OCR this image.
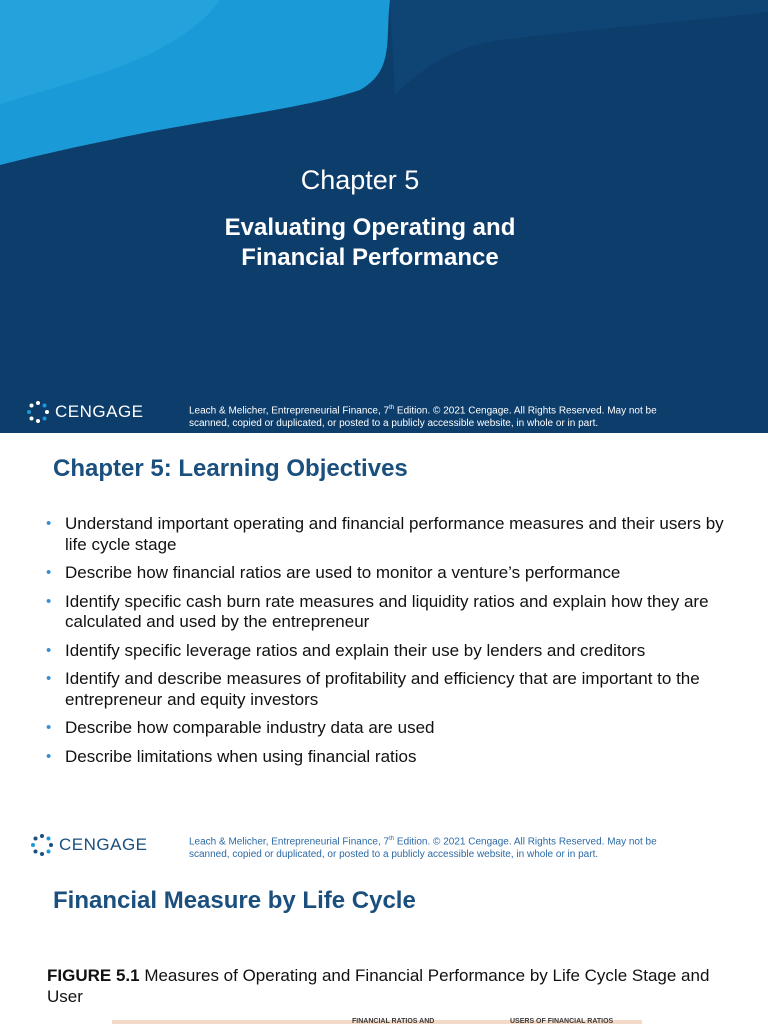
Chapter 5
Evaluating Operating and
Financial Performance
CENGAGE	Leach & Melicher, Entrepreneurial Finance, 7th Edition. © 2021 Cengage. All Rights Reserved. May not be
scanned, copied or duplicated, or posted to a publicly accessible website, in whole or in part.
Chapter 5: Learning Objectives
• Understand important operating and financial performance measures and their users by life cycle stage
• Describe how financial ratios are used to monitor a venture’s performance
• Identify specific cash burn rate measures and liquidity ratios and explain how they are calculated and used by the entrepreneur
• Identify specific leverage ratios and explain their use by lenders and creditors
• Identify and describe measures of profitability and efficiency that are important to the entrepreneur and equity investors
• Describe how comparable industry data are used
• Describe limitations when using financial ratios
CENGAGE	Leach & Melicher, Entrepreneurial Finance, 7th Edition. © 2021 Cengage. All Rights Reserved. May not be
scanned, copied or duplicated, or posted to a publicly accessible website, in whole or in part.
Financial Measure by Life Cycle
FIGURE 5.1 Measures of Operating and Financial Performance by Life Cycle Stage and User
FINANCIAL RATIOS AND	USERS OF FINANCIAL RATIOS
